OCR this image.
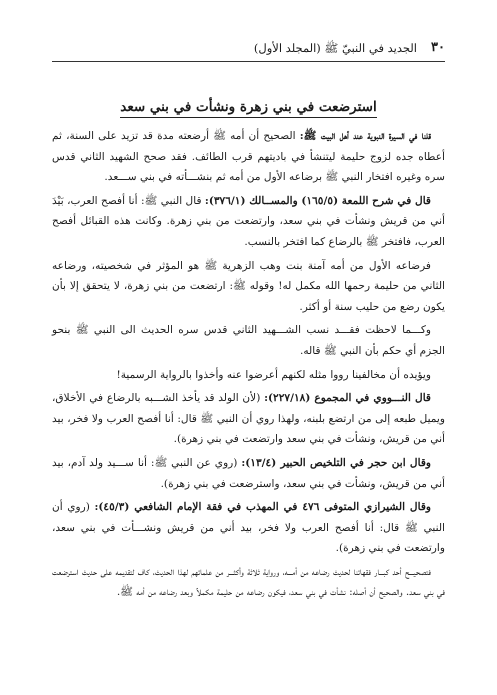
٣٠
الجديد في النبيّ ﷺ (المجلد الأول)
استرضعت في بني زهرة ونشأت في بني سعد

قلنا في السيرة النبوية عند أهل البيت ﷺ: الصحيح أن أمه ﷺ أرضعته مدة قد تزيد على السنة، ثم أعطاه جده لزوج حليمة ليتنشأ في باديتهم قرب الطائف. فقد صحح الشهيد الثاني قدس سره وغيره افتخار النبي ﷺ برضاعه الأول من أمه ثم بنشـــأته في بني ســـعد.

قال في شرح اللمعة (١٦٥/٥) والمســالك (٣٧٦/١): قال النبي ﷺ: أنا أفصح العرب، بَيْدَ أني من قريش ونشأت في بني سعد، وارتضعت من بني زهرة. وكانت هذه القبائل أفصح العرب، فافتخر ﷺ بالرضاع كما افتخر بالنسب.

فرضاعه الأول من أمه آمنة بنت وهب الزهرية ﷺ هو المؤثر في شخصيته، ورضاعه الثاني من حليمة رحمها الله مكمل له! وقوله ﷺ: ارتضعت من بني زهرة، لا يتحقق إلا بأن يكون رضع من حليب سنة أو أكثر.

وكـــما لاحظت فقـــد نسب الشـــهيد الثاني قدس سره الحديث الى النبي ﷺ بنحو الجزم أي حكم بأن النبي ﷺ قاله.

ويؤيده أن مخالفينا رووا مثله لكنهم أعرضوا عنه وأخذوا بالرواية الرسمية!

قال النـــووي في المجموع (٢٢٧/١٨): (لأن الولد قد يأخذ الشـــبه بالرضاع في الأخلاق، ويميل طبعه إلى من ارتضع بلبنه، ولهذا روي أن النبي ﷺ قال: أنا أفصح العرب ولا فخر، بيد أني من قريش، ونشأت في بني سعد وارتضعت في بني زهرة).

وقال ابن حجر في التلخيص الحبير (١٣/٤): (روي عن النبي ﷺ: أنا ســـيد ولد آدم، بيد أني من قريش، ونشأت في بني سعد، واسترضعت في بني زهرة).

وقال الشيرازي المتوفى ٤٧٦ في المهذب في فقة الإمام الشافعي (٤٥/٣): (روي أن النبي ﷺ قال: أنا أفصح العرب ولا فخر، بيد أني من قريش ونشـــأت في بني سعد، وارتضعت في بني زهرة).

فتصحيـــح أحد كبـــار فقهائنا لحديث رضاعه من أمـــه، ورواية ثلاثة وأكثـــر من علمائهم لهذا الحديث، كاف لتقديمه على حديث استرضعت في بني سعد. والصحيح أن أصله: نشأت في بني سعد، فيكون رضاعه من حليمة مكملاً وبعد رضاعه من أمه ﷺ.
